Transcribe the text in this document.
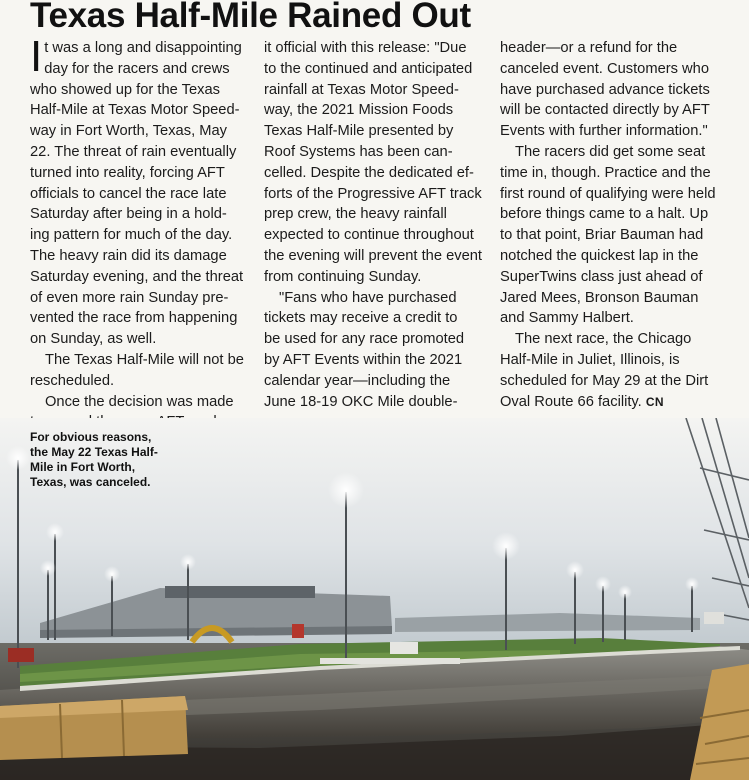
Texas Half-Mile Rained Out
I t was a long and disappointing

day for the racers and crews

who showed up for the Texas

Half-Mile at Texas Motor Speed-

way in Fort Worth, Texas, May

22. The threat of rain eventually

turned into reality, forcing AFT

officials to cancel the race late

Saturday after being in a hold-

ing pattern for much of the day.

The heavy rain did its damage

Saturday evening, and the threat

of even more rain Sunday pre-

vented the race from happening

on Sunday, as well.

The Texas Half-Mile will not be

rescheduled.

Once the decision was made

it official with this release: "Due

to the continued and anticipated

rainfall at Texas Motor Speed-

way, the 2021 Mission Foods

Texas Half-Mile presented by

Roof Systems has been can-

celled. Despite the dedicated ef-

forts of the Progressive AFT track

prep crew, the heavy rainfall

expected to continue throughout

the evening will prevent the event

from continuing Sunday.

"Fans who have purchased

tickets may receive a credit to

be used for any race promoted

by AFT Events within the 2021

calendar year—including the

June 18-19 OKC Mile double-

header—or a refund for the

canceled event. Customers who

have purchased advance tickets

will be contacted directly by AFT

Events with further information."

The racers did get some seat

time in, though. Practice and the

first round of qualifying were held

before things came to a halt. Up

to that point, Briar Bauman had

notched the quickest lap in the

SuperTwins class just ahead of

Jared Mees, Bronson Bauman

and Sammy Halbert.

The next race, the Chicago

Half-Mile in Juliet, Illinois, is

scheduled for May 29 at the Dirt

Oval Route 66 facility. CN

For obvious reasons,

the May 22 Texas Half-

Mile in Fort Worth,

Texas, was canceled.
